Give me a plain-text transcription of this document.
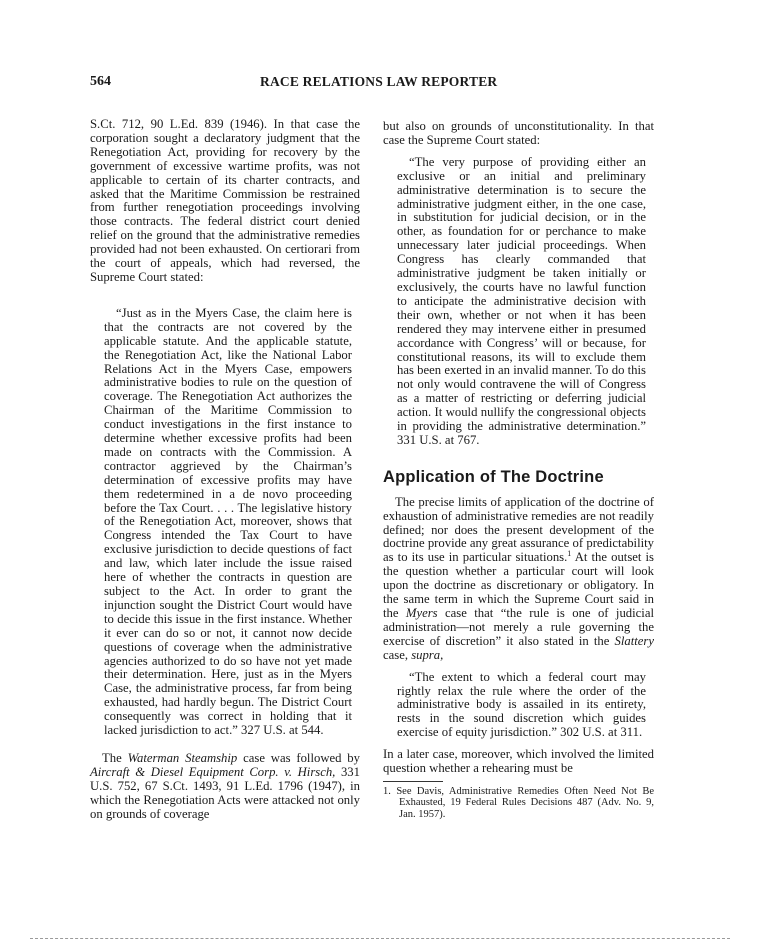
564	RACE RELATIONS LAW REPORTER

S.Ct. 712, 90 L.Ed. 839 (1946). In that case the corporation sought a declaratory judgment that the Renegotiation Act, providing for recovery by the government of excessive wartime profits, was not applicable to certain of its charter contracts, and asked that the Maritime Commission be restrained from further renegotiation proceedings involving those contracts. The federal district court denied relief on the ground that the administrative remedies provided had not been exhausted. On certiorari from the court of appeals, which had reversed, the Supreme Court stated:

“Just as in the Myers Case, the claim here is that the contracts are not covered by the applicable statute. And the applicable statute, the Renegotiation Act, like the National Labor Relations Act in the Myers Case, empowers administrative bodies to rule on the question of coverage. The Renegotiation Act authorizes the Chairman of the Maritime Commission to conduct investigations in the first instance to determine whether excessive profits had been made on contracts with the Commission. A contractor aggrieved by the Chairman’s determination of excessive profits may have them redetermined in a de novo proceeding before the Tax Court. . . . The legislative history of the Renegotiation Act, moreover, shows that Congress intended the Tax Court to have exclusive jurisdiction to decide questions of fact and law, which later include the issue raised here of whether the contracts in question are subject to the Act. In order to grant the injunction sought the District Court would have to decide this issue in the first instance. Whether it ever can do so or not, it cannot now decide questions of coverage when the administrative agencies authorized to do so have not yet made their determination. Here, just as in the Myers Case, the administrative process, far from being exhausted, had hardly begun. The District Court consequently was correct in holding that it lacked jurisdiction to act.” 327 U.S. at 544.

The Waterman Steamship case was followed by Aircraft & Diesel Equipment Corp. v. Hirsch, 331 U.S. 752, 67 S.Ct. 1493, 91 L.Ed. 1796 (1947), in which the Renegotiation Acts were attacked not only on grounds of coverage

but also on grounds of unconstitutionality. In that case the Supreme Court stated:

“The very purpose of providing either an exclusive or an initial and preliminary administrative determination is to secure the administrative judgment either, in the one case, in substitution for judicial decision, or in the other, as foundation for or perchance to make unnecessary later judicial proceedings. When Congress has clearly commanded that administrative judgment be taken initially or exclusively, the courts have no lawful function to anticipate the administrative decision with their own, whether or not when it has been rendered they may intervene either in presumed accordance with Congress’ will or because, for constitutional reasons, its will to exclude them has been exerted in an invalid manner. To do this not only would contravene the will of Congress as a matter of restricting or deferring judicial action. It would nullify the congressional objects in providing the administrative determination.” 331 U.S. at 767.

Application of The Doctrine

The precise limits of application of the doctrine of exhaustion of administrative remedies are not readily defined; nor does the present development of the doctrine provide any great assurance of predictability as to its use in particular situations.$^1$ At the outset is the question whether a particular court will look upon the doctrine as discretionary or obligatory. In the same term in which the Supreme Court said in the Myers case that “the rule is one of judicial administration—not merely a rule governing the exercise of discretion” it also stated in the Slattery case, supra,

“The extent to which a federal court may rightly relax the rule where the order of the administrative body is assailed in its entirety, rests in the sound discretion which guides exercise of equity jurisdiction.” 302 U.S. at 311.

In a later case, moreover, which involved the limited question whether a rehearing must be

1. See Davis, Administrative Remedies Often Need Not Be Exhausted, 19 Federal Rules Decisions 487 (Adv. No. 9, Jan. 1957).
